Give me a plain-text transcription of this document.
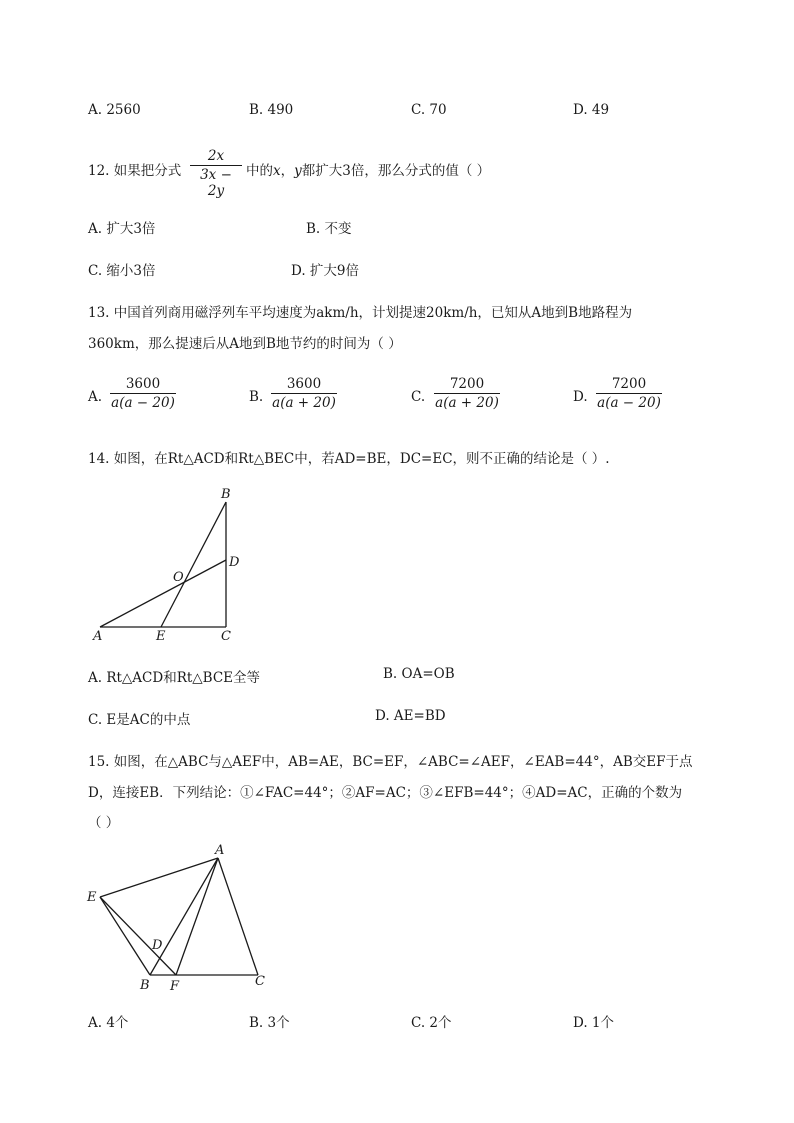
A. 2560	B. 490	C. 70	D. 49
12. 如果把分式
2x
3x − 2y
中的x，y都扩大3倍，那么分式的值（ ）
A. 扩大3倍	B. 不变
C. 缩小3倍	D. 扩大9倍
13. 中国首列商用磁浮列车平均速度为akm/h，计划提速20km/h，已知从A地到B地路程为
360km，那么提速后从A地到B地节约的时间为（ ）
A.
3600
a(a − 20)	B.
3600
a(a + 20)	C.
7200
a(a + 20)	D.
7200
a(a − 20)
14. 如图，在Rt△ACD和Rt△BEC中，若AD=BE，DC=EC，则不正确的结论是（ ）.
B
D
O
A	E	C
A. Rt△ACD和Rt△BCE全等	B. OA=OB
C. E是AC的中点	D. AE=BD
15. 如图，在△ABC与△AEF中，AB=AE，BC=EF，∠ABC=∠AEF，∠EAB=44°，AB交EF于点
D，连接EB．下列结论：①∠FAC=44°；②AF=AC；③∠EFB=44°；④AD=AC，正确的个数为
（ ）
A
E
D
B F	C
A. 4个	B. 3个	C. 2个	D. 1个
